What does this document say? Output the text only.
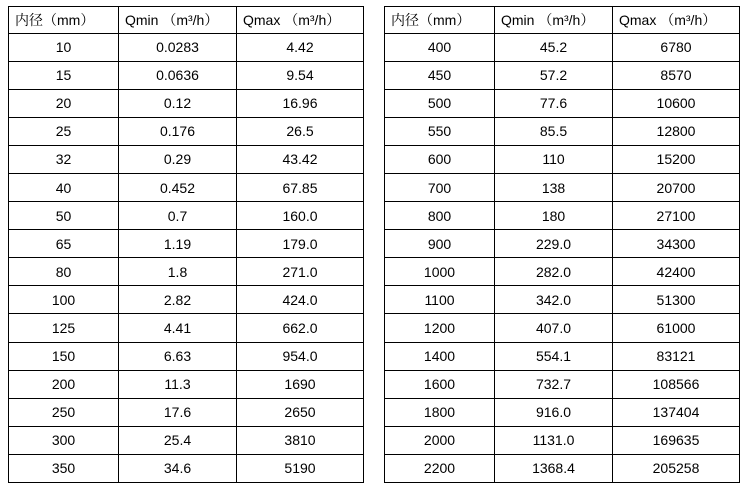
内径（mm）	Qmin （m³/h）	Qmax （m³/h）
10	0.0283	4.42
15	0.0636	9.54
20	0.12	16.96
25	0.176	26.5
32	0.29	43.42
40	0.452	67.85
50	0.7	160.0
65	1.19	179.0
80	1.8	271.0
100	2.82	424.0
125	4.41	662.0
150	6.63	954.0
200	11.3	1690
250	17.6	2650
300	25.4	3810
350	34.6	5190
内径（mm）	Qmin （m³/h）	Qmax （m³/h）
400	45.2	6780
450	57.2	8570
500	77.6	10600
550	85.5	12800
600	110	15200
700	138	20700
800	180	27100
900	229.0	34300
1000	282.0	42400
1100	342.0	51300
1200	407.0	61000
1400	554.1	83121
1600	732.7	108566
1800	916.0	137404
2000	1131.0	169635
2200	1368.4	205258
